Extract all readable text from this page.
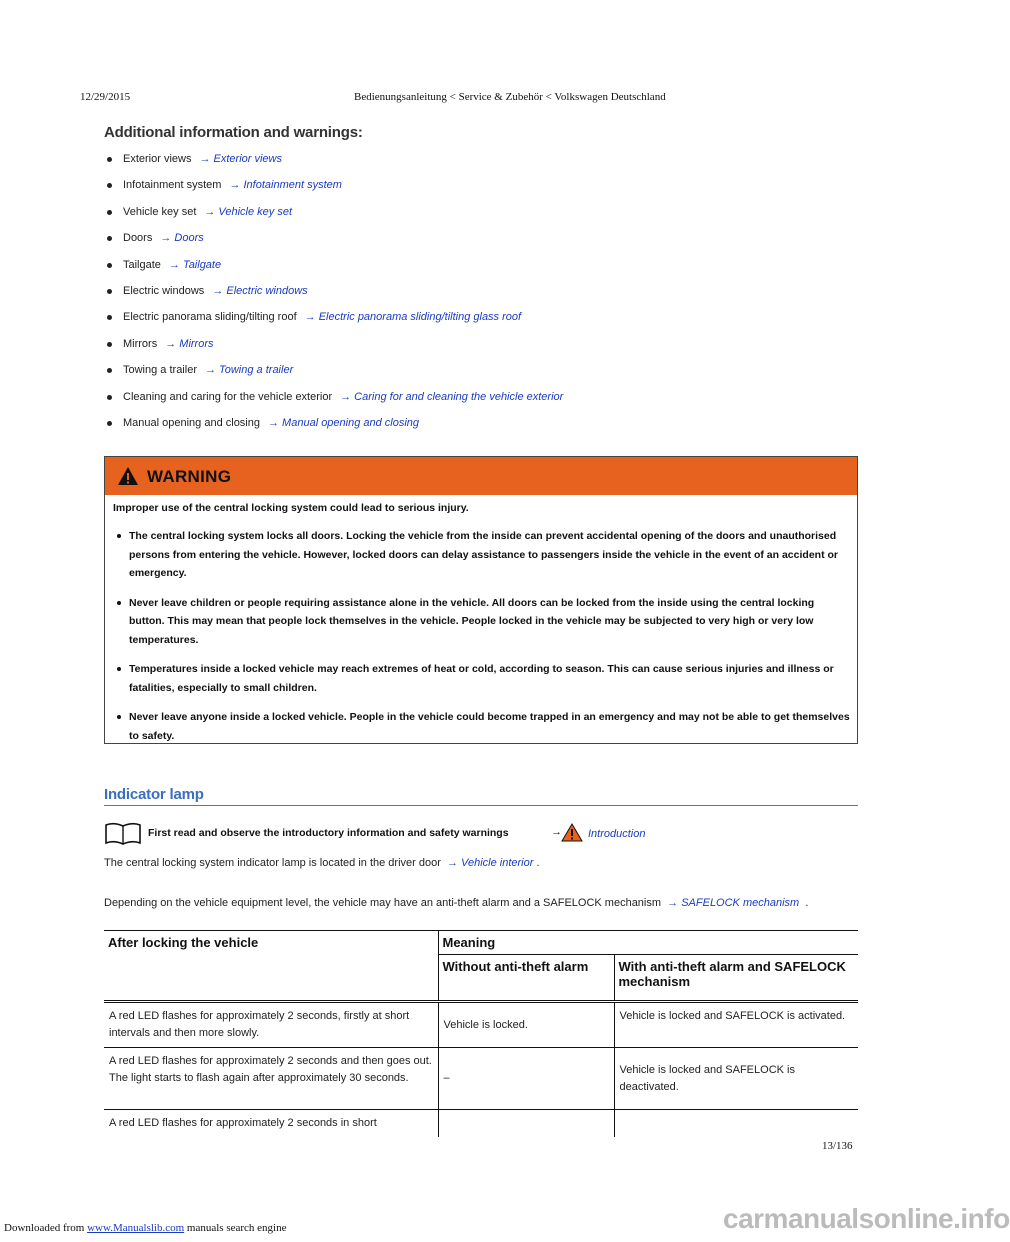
12/29/2015	Bedienungsanleitung < Service & Zubehör < Volkswagen Deutschland
Additional information and warnings:
Exterior views → Exterior views
Infotainment system → Infotainment system
Vehicle key set → Vehicle key set
Doors → Doors
Tailgate → Tailgate
Electric windows → Electric windows
Electric panorama sliding/tilting roof → Electric panorama sliding/tilting glass roof
Mirrors → Mirrors
Towing a trailer → Towing a trailer
Cleaning and caring for the vehicle exterior → Caring for and cleaning the vehicle exterior
Manual opening and closing → Manual opening and closing
WARNING
Improper use of the central locking system could lead to serious injury.
The central locking system locks all doors. Locking the vehicle from the inside can prevent accidental opening of the doors and unauthorised persons from entering the vehicle. However, locked doors can delay assistance to passengers inside the vehicle in the event of an accident or emergency.
Never leave children or people requiring assistance alone in the vehicle. All doors can be locked from the inside using the central locking button. This may mean that people lock themselves in the vehicle. People locked in the vehicle may be subjected to very high or very low temperatures.
Temperatures inside a locked vehicle may reach extremes of heat or cold, according to season. This can cause serious injuries and illness or fatalities, especially to small children.
Never leave anyone inside a locked vehicle. People in the vehicle could become trapped in an emergency and may not be able to get themselves to safety.
Indicator lamp
First read and observe the introductory information and safety warnings	→ Introduction
The central locking system indicator lamp is located in the driver door → Vehicle interior .
Depending on the vehicle equipment level, the vehicle may have an anti-theft alarm and a SAFELOCK mechanism → SAFELOCK mechanism .
After locking the vehicle	Meaning	
	Without anti-theft alarm	With anti-theft alarm and SAFELOCK mechanism
A red LED flashes for approximately 2 seconds, firstly at short intervals and then more slowly.	Vehicle is locked.	Vehicle is locked and SAFELOCK is activated.
A red LED flashes for approximately 2 seconds and then goes out. The light starts to flash again after approximately 30 seconds.	–	Vehicle is locked and SAFELOCK is deactivated.
A red LED flashes for approximately 2 seconds in short		
13/136
Downloaded from www.Manualslib.com manuals search engine	carmanualsonline.info
